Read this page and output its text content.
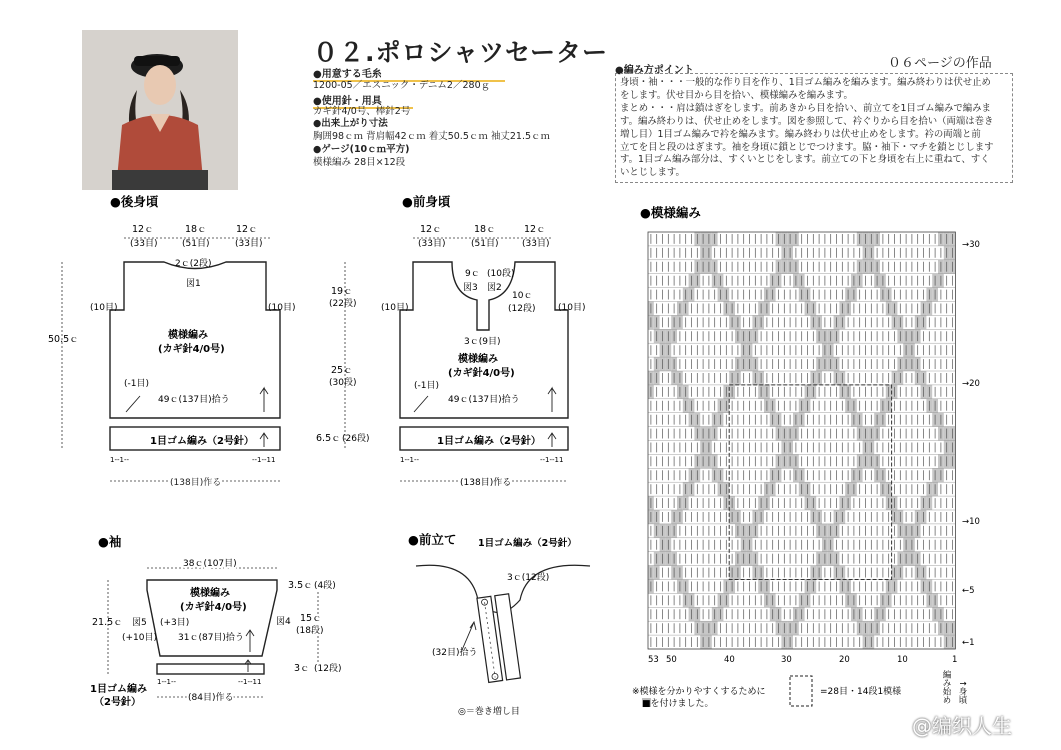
０２.ポロシャツセーター	０６ページの作品
●用意する毛糸
1200-05／エスニック・デニム2／280ｇ
●使用針・用具
カギ針4/0号、棒針2号
●出来上がり寸法
胸囲98ｃｍ 背肩幅42ｃｍ 着丈50.5ｃｍ 袖丈21.5ｃｍ
●ゲージ(10ｃｍ平方)
模様編み 28目×12段
●編み方ポイント
身頃・袖・・・一般的な作り目を作り、1目ゴム編みを編みます。編み終わりは伏せ止め
をします。伏せ目から目を拾い、模様編みを編みます。
まとめ・・・肩は鎖はぎをします。前あきから目を拾い、前立てを1目ゴム編みで編みま
す。編み終わりは、伏せ止めをします。図を参照して、衿ぐりから目を拾い（両端は巻き
増し目）1目ゴム編みで衿を編みます。編み終わりは伏せ止めをします。衿の両端と前
立てを目と段のはぎます。袖を身頃に鎖とじでつけます。脇・袖下・マチを鎖とじします
す。1目ゴム編み部分は、すくいとじをします。前立ての下と身頃を右上に重ねて、すく
いとじします。
●後身頃
12ｃ	18ｃ	12ｃ
(33目)	(51目)	(33目)
2ｃ(2段)
図1
(10目)	(10目)
50.5ｃ	模様編み
(カギ針4/0号)
(-1目)
49ｃ(137目)拾う
1目ゴム編み（2号針）
1--1--	--1--11
(138目)作る
●前身頃
12ｃ	18ｃ	12ｃ
(33目)	(51目)	(33目)
9ｃ (10段)
図3 図2
10ｃ
(12段)
3ｃ(9目)
(10目)	(10目)
19ｃ
(22段)
25ｃ
(30段)
6.5ｃ (26段)
模様編み
(カギ針4/0号)
(-1目)
49ｃ(137目)拾う
1目ゴム編み（2号針）
1--1--	--1--11
(138目)作る
●袖
38ｃ(107目)
模様編み
(カギ針4/0号)
(+3目)
図5
(+10目)
図4
31ｃ(87目)拾う
21.5ｃ
3.5ｃ (4段)
15ｃ
(18段)
3ｃ (12段)
1--1--	--1--11
1目ゴム編み
（2号針）	(84目)作る
●前立て 1目ゴム編み（2号針）
3ｃ(12段)
(32目)拾う
◎＝巻き増し目
●模様編み
→30
→20
→10
←5
←1
53 50	40	30	20	10	1
↑身頃
編み始め
※模様を分かりやすくするために
■を付けました。
=28目・14段1模様
@编织人生
